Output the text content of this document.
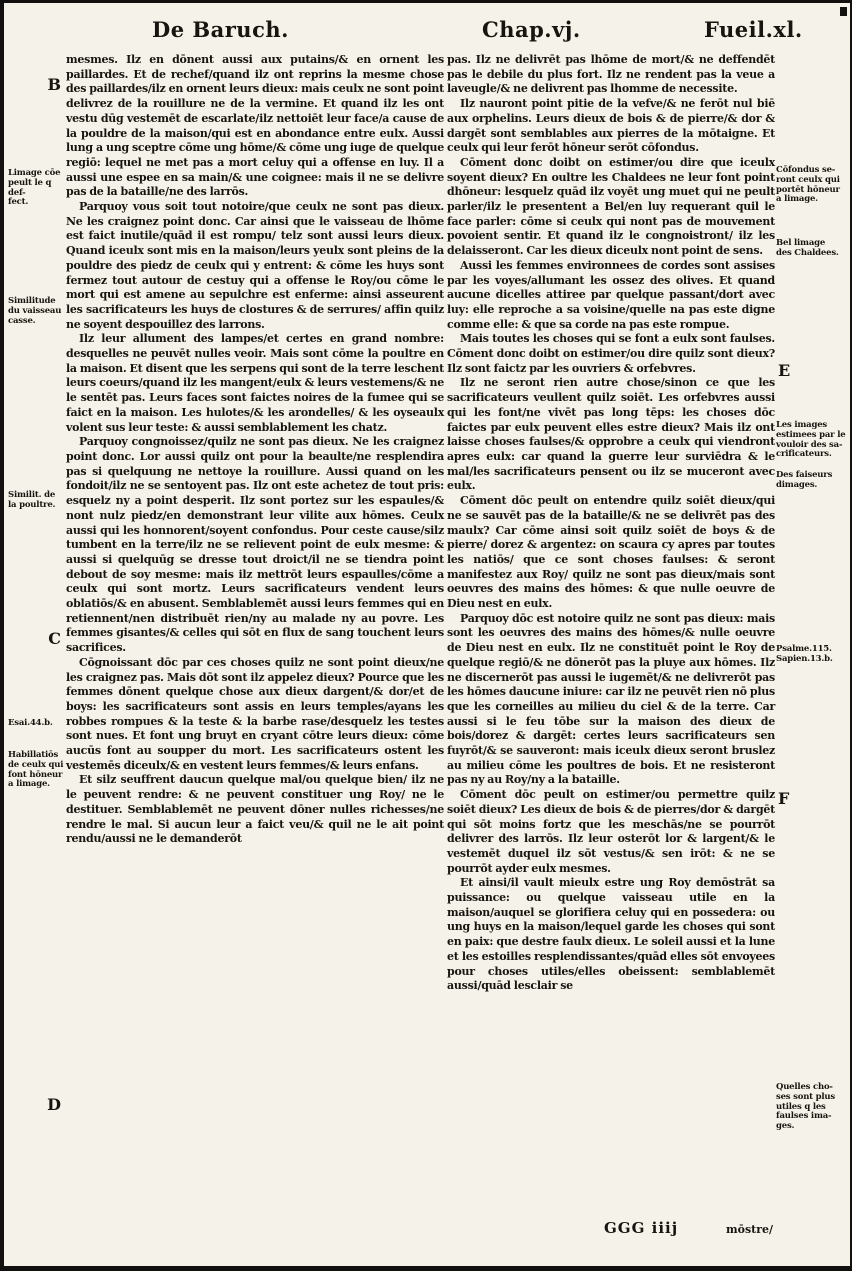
De Baruch.	Chap.vj.	Fueil.xl.
B
Limage cōe
peult le q def-
fect.
Similitude
du vaisseau
casse.
Similit. de
la poultre.
C
Esai.44.b.
Habillatiōs
de ceulx qui
font hōneur
a limage.
D

mesmes. Ilz en dōnent aussi aux putains/& en ornent les paillardes. Et de rechef/quand ilz ont reprins la mesme chose des paillardes/ilz en ornent leurs dieux: mais ceulx ne sont point delivrez de la rouillure ne de la vermine. Et quand ilz les ont vestu dūg vestemēt de escarlate/ilz nettoiēt leur face/a cause de la pouldre de la maison/qui est en abondance entre eulx. Aussi lung a ung sceptre cōme ung hōme/& cōme ung iuge de quelque regiō: lequel ne met pas a mort celuy qui a offense en luy. Il a aussi une espee en sa main/& une coignee: mais il ne se delivre pas de la bataille/ne des larrōs.

Parquoy vous soit tout notoire/que ceulx ne sont pas dieux. Ne les craignez point donc. Car ainsi que le vaisseau de lhōme est faict inutile/quād il est rompu/ telz sont aussi leurs dieux. Quand iceulx sont mis en la maison/leurs yeulx sont pleins de la pouldre des piedz de ceulx qui y entrent: & cōme les huys sont fermez tout autour de cestuy qui a offense le Roy/ou cōme le mort qui est amene au sepulchre est enferme: ainsi asseurent les sacrificateurs les huys de clostures & de serrures/ affin quilz ne soyent despouillez des larrons.

Ilz leur allument des lampes/et certes en grand nombre: desquelles ne peuvēt nulles veoir. Mais sont cōme la poultre en la maison. Et disent que les serpens qui sont de la terre leschent leurs coeurs/quand ilz les mangent/eulx & leurs vestemens/& ne le sentēt pas. Leurs faces sont faictes noires de la fumee qui se faict en la maison. Les hulotes/& les arondelles/ & les oyseaulx volent sus leur teste: & aussi semblablement les chatz.

Parquoy congnoissez/quilz ne sont pas dieux. Ne les craignez point donc. Lor aussi quilz ont pour la beaulte/ne resplendira pas si quelquung ne nettoye la rouillure. Aussi quand on les fondoit/ilz ne se sentoyent pas. Ilz ont este achetez de tout pris: esquelz ny a point desperit. Ilz sont portez sur les espaules/& nont nulz piedz/en demonstrant leur vilite aux hōmes. Ceulx aussi qui les honnorent/soyent confondus. Pour ceste cause/silz tumbent en la terre/ilz ne se relievent point de eulx mesme: & aussi si quelquūg se dresse tout droict/il ne se tiendra point debout de soy mesme: mais ilz mettrōt leurs espaulles/cōme a ceulx qui sont mortz. Leurs sacrificateurs vendent leurs oblatiōs/& en abusent. Semblablemēt aussi leurs femmes qui en retiennent/nen distribuēt rien/ny au malade ny au povre. Les femmes gisantes/& celles qui sōt en flux de sang touchent leurs sacrifices.

Cōgnoissant dōc par ces choses quilz ne sont point dieux/ne les craignez pas. Mais dōt sont ilz appelez dieux? Pource que les femmes dōnent quelque chose aux dieux dargent/& dor/et de boys: les sacrificateurs sont assis en leurs temples/ayans les robbes rompues & la teste & la barbe rase/desquelz les testes sont nues. Et font ung bruyt en cryant cōtre leurs dieux: cōme aucūs font au soupper du mort. Les sacrificateurs ostent les vestemēs diceulx/& en vestent leurs femmes/& leurs enfans.

Et silz seuffrent daucun quelque mal/ou quelque bien/ ilz ne le peuvent rendre: & ne peuvent constituer ung Roy/ ne le destituer. Semblablemēt ne peuvent dōner nulles richesses/ne rendre le mal. Si aucun leur a faict veu/& quil ne le ait point rendu/aussi ne le demanderōt

pas. Ilz ne delivrēt pas lhōme de mort/& ne deffendēt pas le debile du plus fort. Ilz ne rendent pas la veue a laveugle/& ne delivrent pas lhomme de necessite.

Ilz nauront point pitie de la vefve/& ne ferōt nul biē aux orphelins. Leurs dieux de bois & de pierre/& dor & dargēt sont semblables aux pierres de la mōtaigne. Et ceulx qui leur ferōt hōneur serōt cōfondus.

Cōment donc doibt on estimer/ou dire que iceulx soyent dieux? En oultre les Chaldees ne leur font point dhōneur: lesquelz quād ilz voyēt ung muet qui ne peult parler/ilz le presentent a Bel/en luy requerant quil le face parler: cōme si ceulx qui nont pas de mouvement povoient sentir. Et quand ilz le congnoistront/ ilz les delaisseront. Car les dieux diceulx nont point de sens.

Aussi les femmes environnees de cordes sont assises par les voyes/allumant les ossez des olives. Et quand aucune dicelles attiree par quelque passant/dort avec luy: elle reproche a sa voisine/quelle na pas este digne comme elle: & que sa corde na pas este rompue.

Mais toutes les choses qui se font a eulx sont faulses. Cōment donc doibt on estimer/ou dire quilz sont dieux? Ilz sont faictz par les ouvriers & orfebvres.

Ilz ne seront rien autre chose/sinon ce que les sacrificateurs veullent quilz soiēt. Les orfebvres aussi qui les font/ne vivēt pas long tēps: les choses dōc faictes par eulx peuvent elles estre dieux? Mais ilz ont laisse choses faulses/& opprobre a ceulx qui viendront apres eulx: car quand la guerre leur surviēdra & le mal/les sacrificateurs pensent ou ilz se muceront avec eulx.

Cōment dōc peult on entendre quilz soiēt dieux/qui ne se sauvēt pas de la bataille/& ne se delivrēt pas des maulx? Car cōme ainsi soit quilz soiēt de boys & de pierre/ dorez & argentez: on scaura cy apres par toutes les natiōs/ que ce sont choses faulses: & seront manifestez aux Roy/ quilz ne sont pas dieux/mais sont oeuvres des mains des hōmes: & que nulle oeuvre de Dieu nest en eulx.

Parquoy dōc est notoire quilz ne sont pas dieux: mais sont les oeuvres des mains des hōmes/& nulle oeuvre de Dieu nest en eulx. Ilz ne constituēt point le Roy de quelque regiō/& ne dōnerōt pas la pluye aux hōmes. Ilz ne discernerōt pas aussi le iugemēt/& ne delivrerōt pas les hōmes daucune iniure: car ilz ne peuvēt rien nō plus que les corneilles au milieu du ciel & de la terre. Car aussi si le feu tōbe sur la maison des dieux de bois/dorez & dargēt: certes leurs sacrificateurs sen fuyrōt/& se sauveront: mais iceulx dieux seront bruslez au milieu cōme les poultres de bois. Et ne resisteront pas ny au Roy/ny a la bataille.

Cōment dōc peult on estimer/ou permettre quilz soiēt dieux? Les dieux de bois & de pierres/dor & dargēt qui sōt moins fortz que les meschās/ne se pourrōt delivrer des larrōs. Ilz leur osterōt lor & largent/& le vestemēt duquel ilz sōt vestus/& sen irōt: & ne se pourrōt ayder eulx mesmes.

Et ainsi/il vault mieulx estre ung Roy demōstrāt sa puissance: ou quelque vaisseau utile en la maison/auquel se glorifiera celuy qui en possedera: ou ung huys en la maison/lequel garde les choses qui sont en paix: que destre faulx dieux. Le soleil aussi et la lune et les estoilles resplendissantes/quād elles sōt envoyees pour choses utiles/elles obeissent: semblablemēt aussi/quād lesclair se

Cōfondus se-
ront ceulx qui
portēt hōneur
a limage.
Bel limage
des Chaldees.
E
Les images
estimees par le
vouloir des sa-
crificateurs.
Des faiseurs
dimages.
Psalme.115.
Sapien.13.b.
F
Quelles cho-
ses sont plus
utiles q les
faulses ima-
ges.
GGG iiij	mōstre/
